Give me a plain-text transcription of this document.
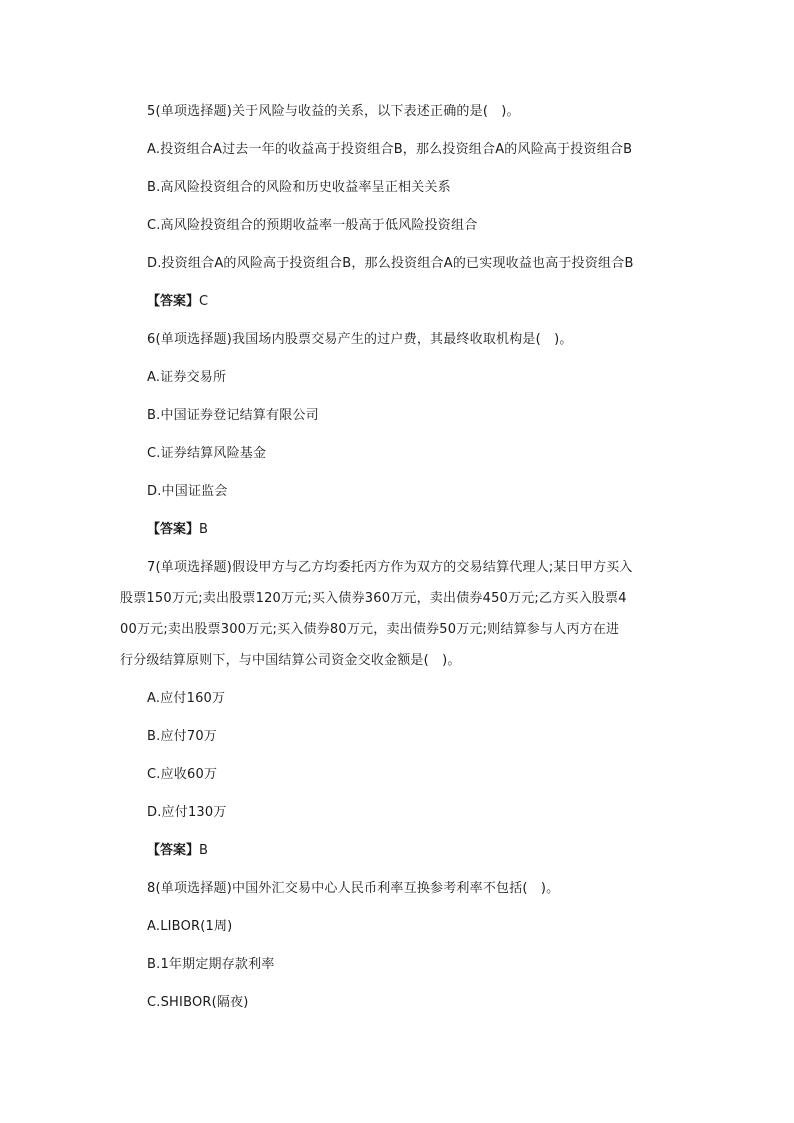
5(单项选择题)关于风险与收益的关系，以下表述正确的是(　)。
A.投资组合A过去一年的收益高于投资组合B，那么投资组合A的风险高于投资组合B
B.高风险投资组合的风险和历史收益率呈正相关关系
C.高风险投资组合的预期收益率一般高于低风险投资组合
D.投资组合A的风险高于投资组合B，那么投资组合A的已实现收益也高于投资组合B
【答案】C
6(单项选择题)我国场内股票交易产生的过户费，其最终收取机构是(　)。
A.证券交易所
B.中国证券登记结算有限公司
C.证券结算风险基金
D.中国证监会
【答案】B
7(单项选择题)假设甲方与乙方均委托丙方作为双方的交易结算代理人;某日甲方买入
股票150万元;卖出股票120万元;买入债券360万元，卖出债券450万元;乙方买入股票4
00万元;卖出股票300万元;买入债券80万元，卖出债券50万元;则结算参与人丙方在进
行分级结算原则下，与中国结算公司资金交收金额是(　)。
A.应付160万
B.应付70万
C.应收60万
D.应付130万
【答案】B
8(单项选择题)中国外汇交易中心人民币利率互换参考利率不包括(　)。
A.LIBOR(1周)
B.1年期定期存款利率
C.SHIBOR(隔夜)
